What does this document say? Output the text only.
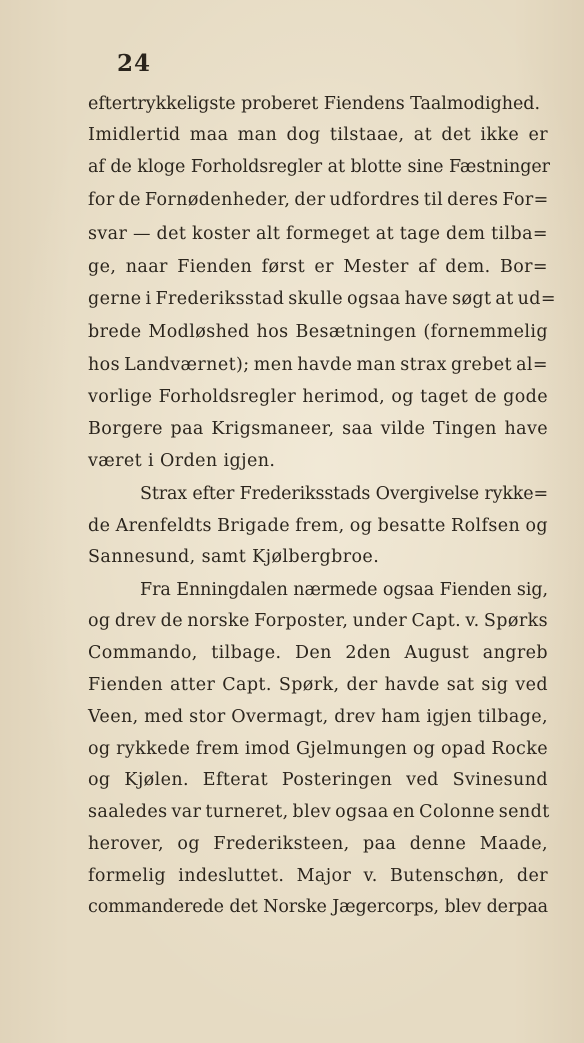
24
eftertrykkeligste proberet Fiendens Taalmodighed.
Imidlertid maa man dog tilstaae, at det ikke er
af de kloge Forholdsregler at blotte sine Fæstninger
for de Fornødenheder, der udfordres til deres For=
svar — det koster alt formeget at tage dem tilba=
ge, naar Fienden først er Mester af dem. Bor=
gerne i Frederiksstad skulle ogsaa have søgt at ud=
brede Modløshed hos Besætningen (fornemmelig
hos Landværnet); men havde man strax grebet al=
vorlige Forholdsregler herimod, og taget de gode
Borgere paa Krigsmaneer, saa vilde Tingen have
været i Orden igjen.
Strax efter Frederiksstads Overgivelse rykke=
de Arenfeldts Brigade frem, og besatte Rolfsen og
Sannesund, samt Kjølbergbroe.
Fra Enningdalen nærmede ogsaa Fienden sig,
og drev de norske Forposter, under Capt. v. Spørks
Commando, tilbage. Den 2den August angreb
Fienden atter Capt. Spørk, der havde sat sig ved
Veen, med stor Overmagt, drev ham igjen tilbage,
og rykkede frem imod Gjelmungen og opad Rocke
og Kjølen. Efterat Posteringen ved Svinesund
saaledes var turneret, blev ogsaa en Colonne sendt
herover, og Frederiksteen, paa denne Maade,
formelig indesluttet. Major v. Butenschøn, der
commanderede det Norske Jægercorps, blev derpaa
